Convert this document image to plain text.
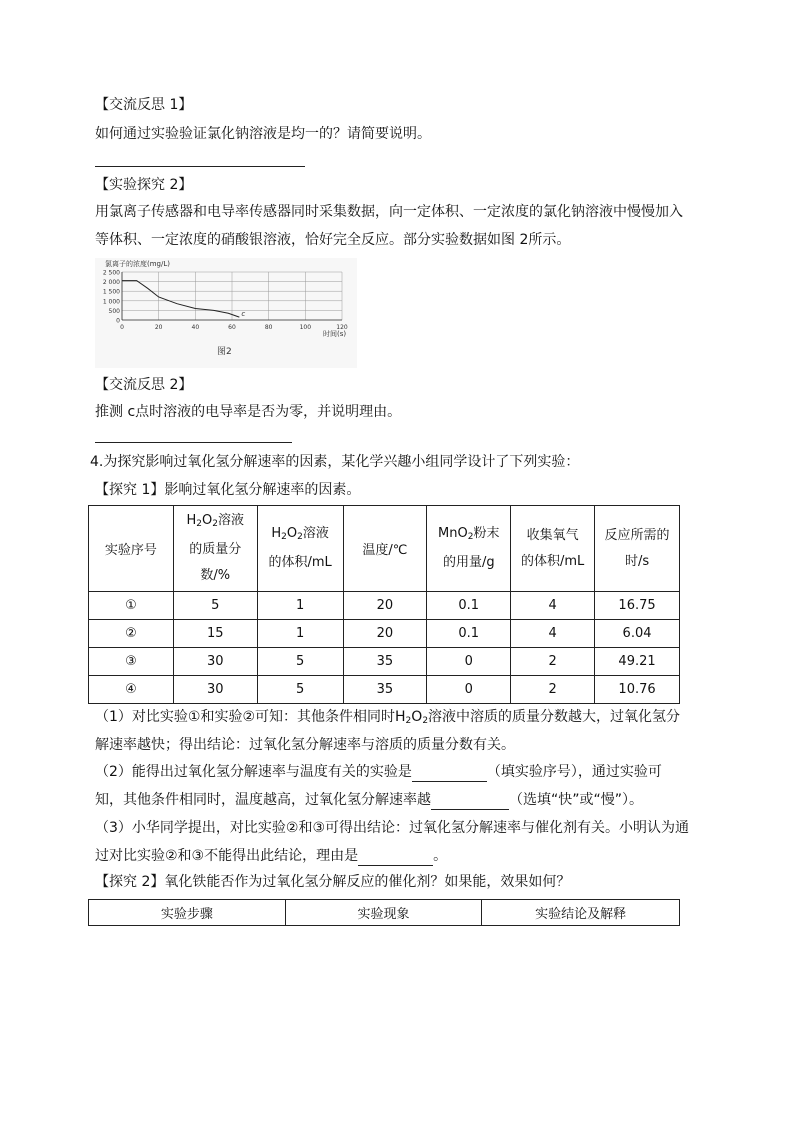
【交流反思 1】
如何通过实验验证氯化钠溶液是均一的？请简要说明。
【实验探究 2】
用氯离子传感器和电导率传感器同时采集数据，向一定体积、一定浓度的氯化钠溶液中慢慢加入
等体积、一定浓度的硝酸银溶液，恰好完全反应。部分实验数据如图 2所示。
氯离子的浓度(mg/L)
时间(s)
图2
0
500
1 000
1 500
2 000
2 500
0	20	40	60	80	100	120
c
【交流反思 2】
推测 c点时溶液的电导率是否为零，并说明理由。
4.为探究影响过氧化氢分解速率的因素，某化学兴趣小组同学设计了下列实验：
【探究 1】影响过氧化氢分解速率的因素。
实验序号	$H_2O_2$溶液
的质量分
数/%	$H_2O_2$溶液
的体积/mL	温度/℃	MnO$_2$粉末
的用量/g	收集氧气
的体积/mL	反应所需的
时/s
①	5	1	20	0.1	4	16.75
②	15	1	20	0.1	4	6.04
③	30	5	35	0	2	49.21
④	30	5	35	0	2	10.76
（1）对比实验①和实验②可知：其他条件相同时$H_2O_2$溶液中溶质的质量分数越大，过氧化氢分
解速率越快；得出结论：过氧化氢分解速率与溶质的质量分数有关。
（2）能得出过氧化氢分解速率与温度有关的实验是	（填实验序号），通过实验可
知，其他条件相同时，温度越高，过氧化氢分解速率越	（选填“快”或“慢”）。
（3）小华同学提出，对比实验②和③可得出结论：过氧化氢分解速率与催化剂有关。小明认为通
过对比实验②和③不能得出此结论，理由是	。
【探究 2】氧化铁能否作为过氧化氢分解反应的催化剂？如果能，效果如何？
实验步骤	实验现象	实验结论及解释
